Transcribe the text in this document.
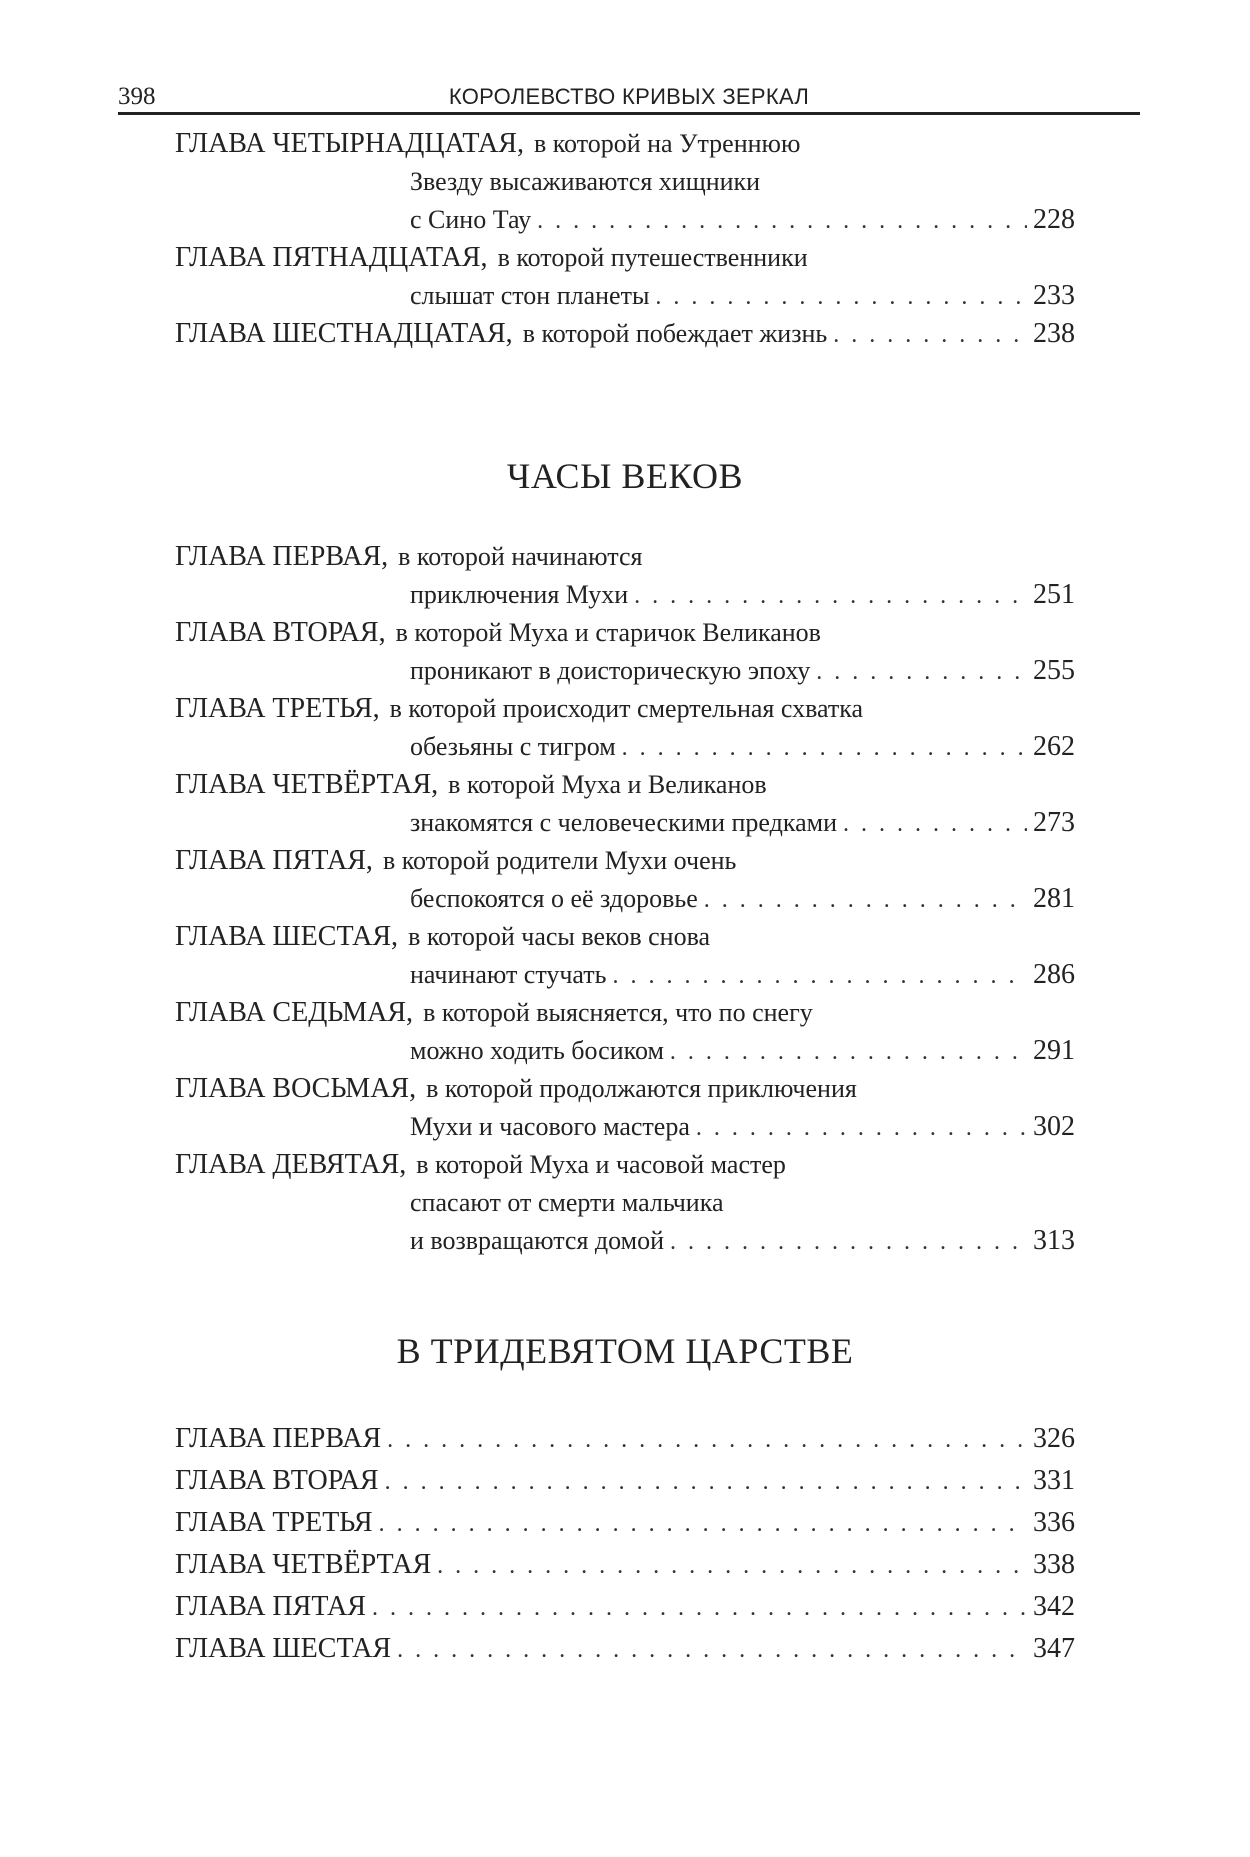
398	КОРОЛЕВСТВО КРИВЫХ ЗЕРКАЛ
ГЛАВА ЧЕТЫРНАДЦАТАЯ, в которой на Утреннюю
Звезду высаживаются хищники
с Сино Тау . . .	228
ГЛАВА ПЯТНАДЦАТАЯ, в которой путешественники
слышат стон планеты . . .	233
ГЛАВА ШЕСТНАДЦАТАЯ, в которой побеждает жизнь . . .	238
ЧАСЫ ВЕКОВ
ГЛАВА ПЕРВАЯ, в которой начинаются
приключения Мухи . . .	251
ГЛАВА ВТОРАЯ, в которой Муха и старичок Великанов
проникают в доисторическую эпоху . . .	255
ГЛАВА ТРЕТЬЯ, в которой происходит смертельная схватка
обезьяны с тигром . . .	262
ГЛАВА ЧЕТВЁРТАЯ, в которой Муха и Великанов
знакомятся с человеческими предками . . .	273
ГЛАВА ПЯТАЯ, в которой родители Мухи очень
беспокоятся о её здоровье . . .	281
ГЛАВА ШЕСТАЯ, в которой часы веков снова
начинают стучать . . .	286
ГЛАВА СЕДЬМАЯ, в которой выясняется, что по снегу
можно ходить босиком . . .	291
ГЛАВА ВОСЬМАЯ, в которой продолжаются приключения
Мухи и часового мастера . . .	302
ГЛАВА ДЕВЯТАЯ, в которой Муха и часовой мастер
спасают от смерти мальчика
и возвращаются домой . . .	313
В ТРИДЕВЯТОМ ЦАРСТВЕ
ГЛАВА ПЕРВАЯ . . .	326
ГЛАВА ВТОРАЯ . . .	331
ГЛАВА ТРЕТЬЯ . . .	336
ГЛАВА ЧЕТВЁРТАЯ . . .	338
ГЛАВА ПЯТАЯ . . .	342
ГЛАВА ШЕСТАЯ . . .	347
